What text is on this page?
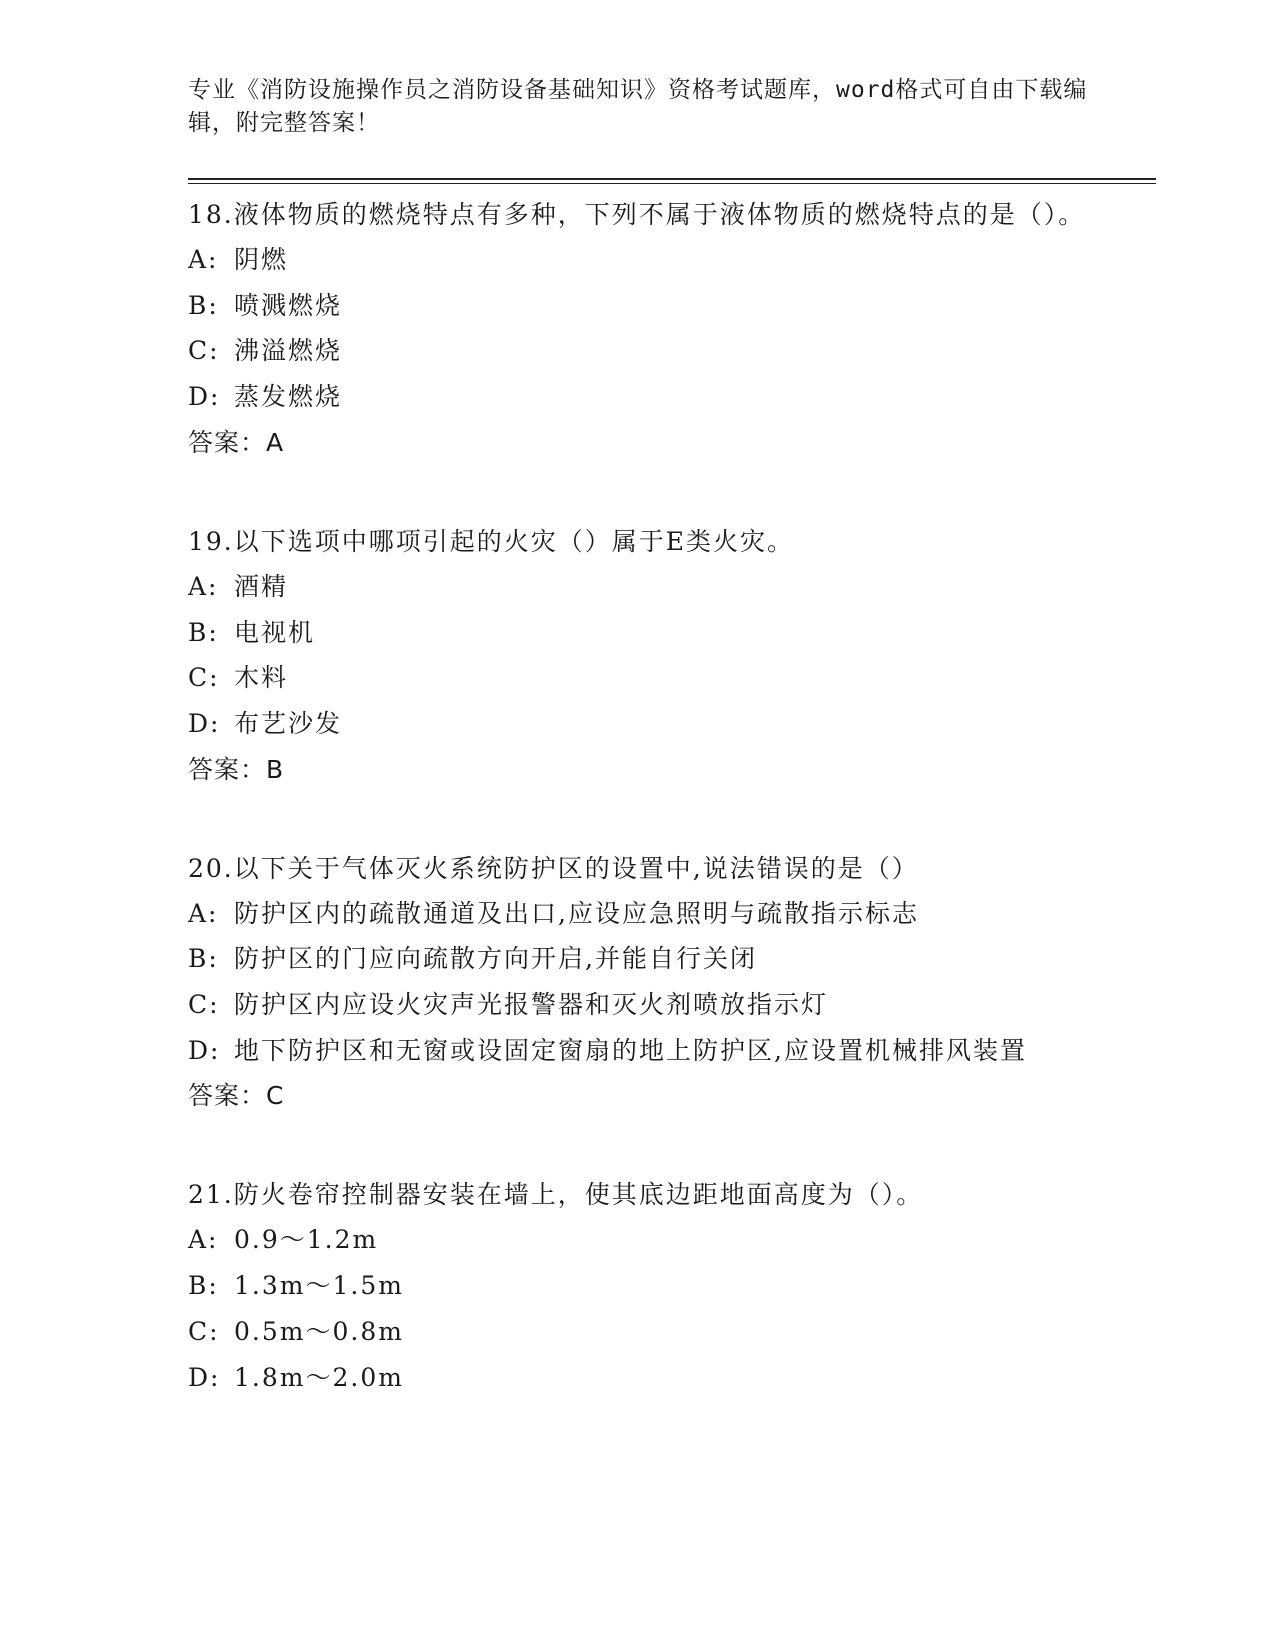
专业《消防设施操作员之消防设备基础知识》资格考试题库，word格式可自由下载编辑，附完整答案！
18.液体物质的燃烧特点有多种，下列不属于液体物质的燃烧特点的是（）。
A: 阴燃
B: 喷溅燃烧
C: 沸溢燃烧
D: 蒸发燃烧
答案：A
19.以下选项中哪项引起的火灾（）属于E类火灾。
A: 酒精
B: 电视机
C: 木料
D: 布艺沙发
答案：B
20.以下关于气体灭火系统防护区的设置中,说法错误的是（）
A: 防护区内的疏散通道及出口,应设应急照明与疏散指示标志
B: 防护区的门应向疏散方向开启,并能自行关闭
C: 防护区内应设火灾声光报警器和灭火剂喷放指示灯
D: 地下防护区和无窗或设固定窗扇的地上防护区,应设置机械排风装置
答案：C
21.防火卷帘控制器安装在墙上，使其底边距地面高度为（）。
A: 0.9～1.2m
B: 1.3m～1.5m
C: 0.5m～0.8m
D: 1.8m～2.0m
